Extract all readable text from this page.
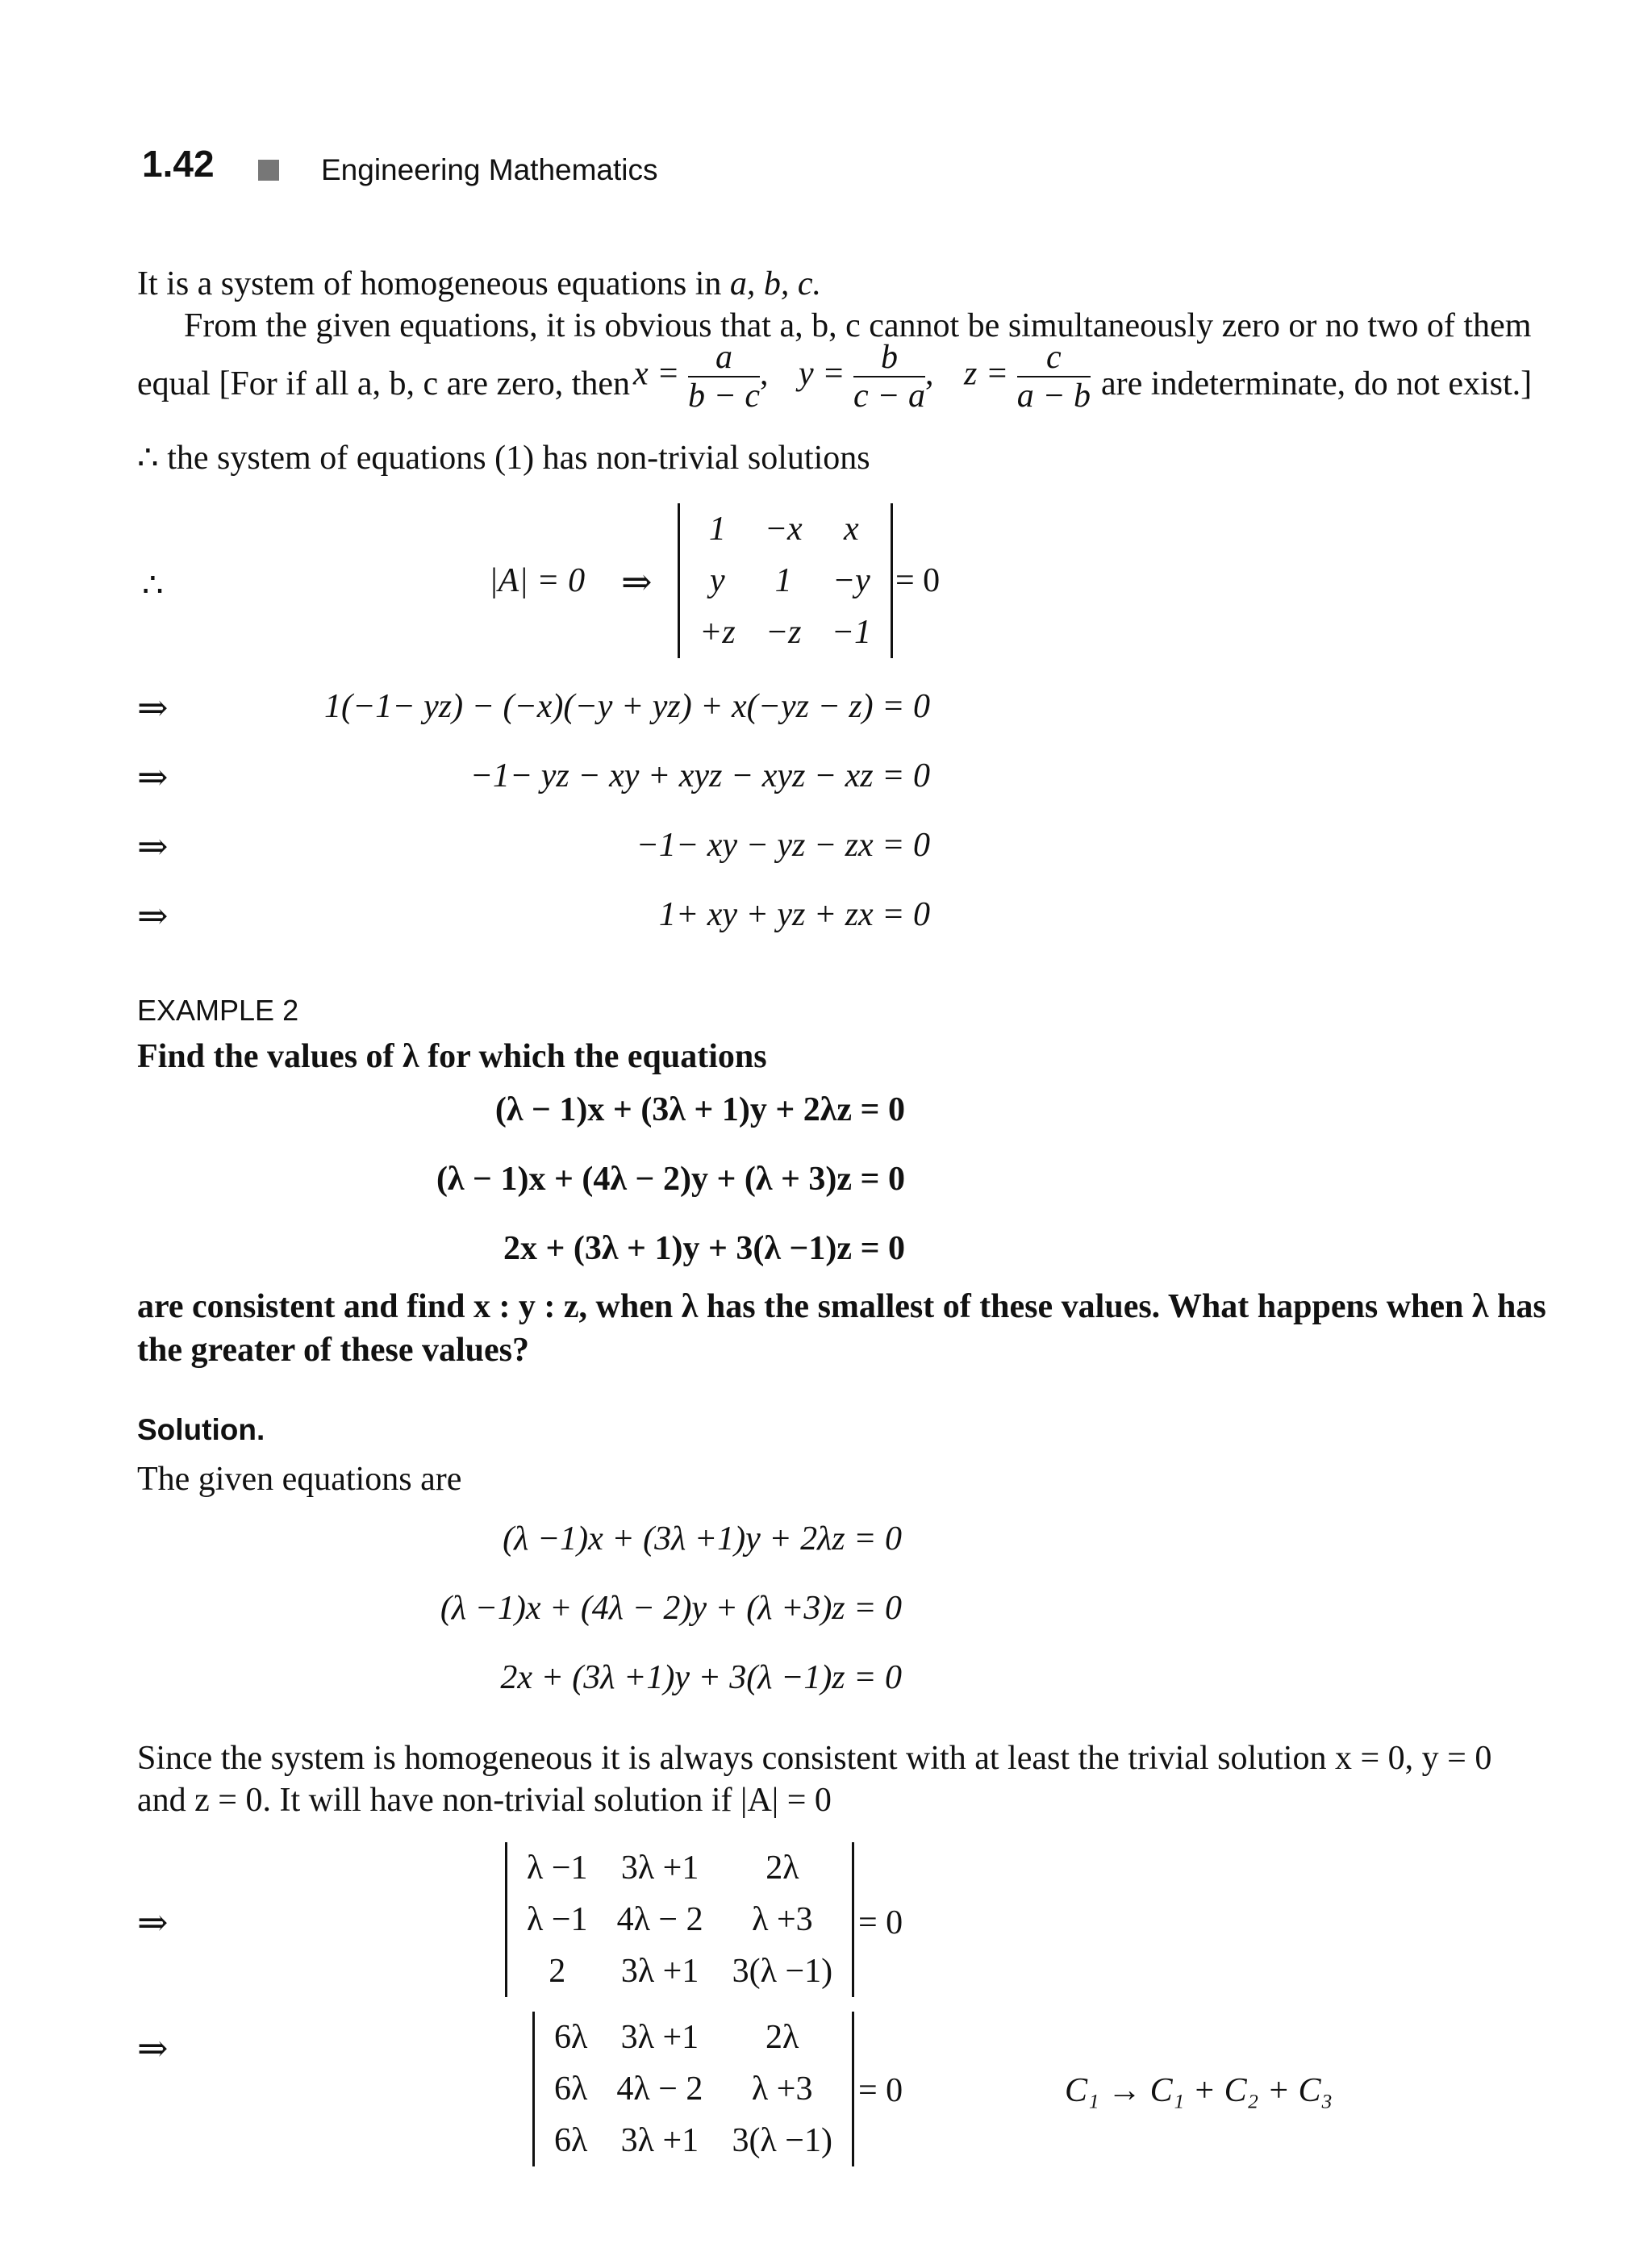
1.42	Engineering Mathematics
It is a system of homogeneous equations in a, b, c.
From the given equations, it is obvious that a, b, c cannot be simultaneously zero or no two of them
equal [For if all a, b, c are zero, then $x = \frac{a}{b - c}$ , $y = \frac{b}{c - a}$ , $z = \frac{c}{a - b}$ are indeterminate, do not exist.]
∴ the system of equations (1) has non-trivial solutions
∴	|A| = 0 ⇒
1	−x	x
y	1	−y
+z	−z	−1
= 0
⇒	1(−1− yz) − (−x)(−y + yz) + x(−yz − z) = 0
⇒	−1− yz − xy + xyz − xyz − xz = 0
⇒	−1− xy − yz − zx = 0
⇒	1+ xy + yz + zx = 0
EXAMPLE 2
Find the values of λ for which the equations
(λ − 1)x + (3λ + 1)y + 2λz = 0
(λ − 1)x + (4λ − 2)y + (λ + 3)z = 0
2x + (3λ + 1)y + 3(λ −1)z = 0
are consistent and find x : y : z, when λ has the smallest of these values. What happens when λ has
the greater of these values?
Solution.
The given equations are
(λ −1)x + (3λ +1)y + 2λz = 0
(λ −1)x + (4λ − 2)y + (λ +3)z = 0
2x + (3λ +1)y + 3(λ −1)z = 0
Since the system is homogeneous it is always consistent with at least the trivial solution x = 0, y = 0
and z = 0. It will have non-trivial solution if |A| = 0
⇒
λ −1	3λ +1	2λ
λ −1	4λ − 2	λ +3
2	3λ +1	3(λ −1)
= 0
⇒	6λ	3λ +1	2λ
6λ	4λ − 2	λ +3
6λ	3λ +1	3(λ −1)
= 0	C₁ → C₁ + C₂ + C₃
